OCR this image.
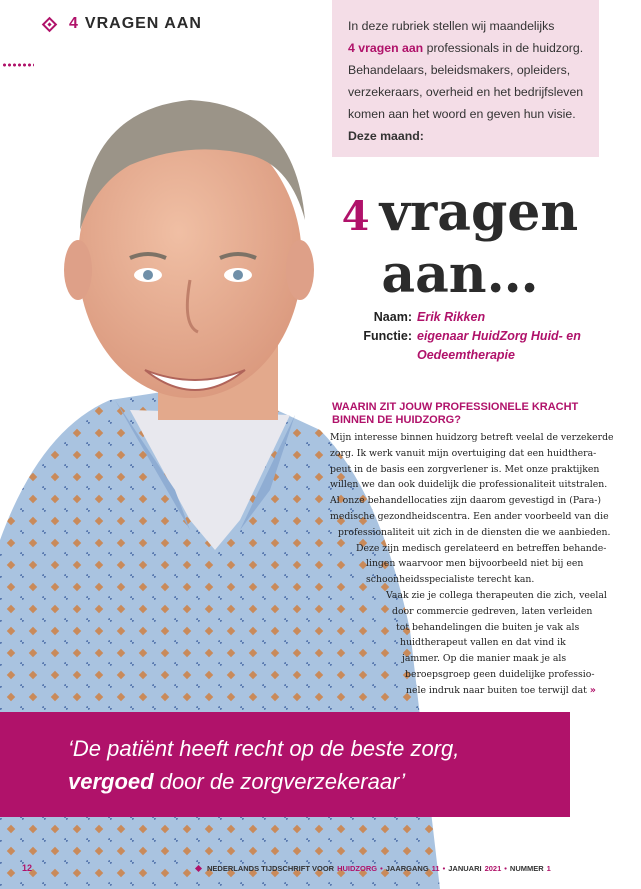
4 VRAGEN AAN	In deze rubriek stellen wij maandelijks
4 vragen aan professionals in de huidzorg.
Behandelaars, beleidsmakers, opleiders,
verzekeraars, overheid en het bedrijfsleven
komen aan het woord en geven hun visie.
Deze maand:
4 vragen
aan…
Naam: Erik Rikken
Functie: eigenaar HuidZorg Huid- en
Oedeemtherapie
WAARIN ZIT JOUW PROFESSIONELE KRACHT
BINNEN DE HUIDZORG?
Mijn interesse binnen huidzorg betreft veelal de verzekerde
zorg. Ik werk vanuit mijn overtuiging dat een huidthera-
peut in de basis een zorgverlener is. Met onze praktijken
willen we dan ook duidelijk die professionaliteit uitstralen.
Al onze behandellocaties zijn daarom gevestigd in (Para-)
medische gezondheidscentra. Een ander voorbeeld van die
professionaliteit uit zich in de diensten die we aanbieden.
Deze zijn medisch gerelateerd en betreffen behande-
lingen waarvoor men bijvoorbeeld niet bij een
schoonheidsspecialiste terecht kan.
Vaak zie je collega therapeuten die zich, veelal
door commercie gedreven, laten verleiden
tot behandelingen die buiten je vak als
huidtherapeut vallen en dat vind ik
jammer. Op die manier maak je als
beroepsgroep geen duidelijke professio-
nele indruk naar buiten toe terwijl dat »
‘De patiënt heeft recht op de beste zorg,
vergoed door de zorgverzekeraar’
12	NEDERLANDS TIJDSCHRIFT VOOR HUIDZORG • JAARGANG 11 • JANUARI 2021 • NUMMER 1
